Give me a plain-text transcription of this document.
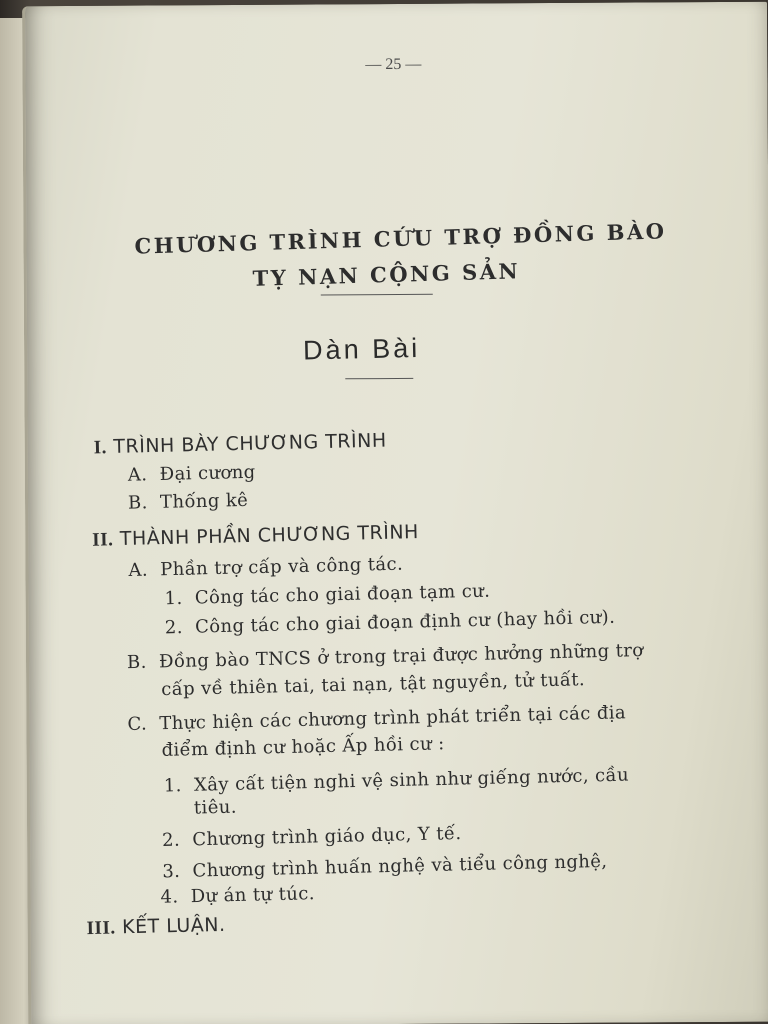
— 25 —
CHƯƠNG TRÌNH CỨU TRỢ ĐỒNG BÀO
TỴ NẠN CỘNG SẢN
Dàn Bài
I. TRÌNH BÀY CHƯƠNG TRÌNH
A. Đại cương
B. Thống kê
II. THÀNH PHẦN CHƯƠNG TRÌNH
A. Phần trợ cấp và công tác.
1. Công tác cho giai đoạn tạm cư.
2. Công tác cho giai đoạn định cư (hay hồi cư).
B. Đồng bào TNCS ở trong trại được hưởng những trợ
cấp về thiên tai, tai nạn, tật nguyền, tử tuất.
C. Thực hiện các chương trình phát triển tại các địa
điểm định cư hoặc Ấp hồi cư :
1. Xây cất tiện nghi vệ sinh như giếng nước, cầu
tiêu.
2. Chương trình giáo dục, Y tế.
3. Chương trình huấn nghệ và tiểu công nghệ,
4. Dự án tự túc.
III. KẾT LUẬN.
